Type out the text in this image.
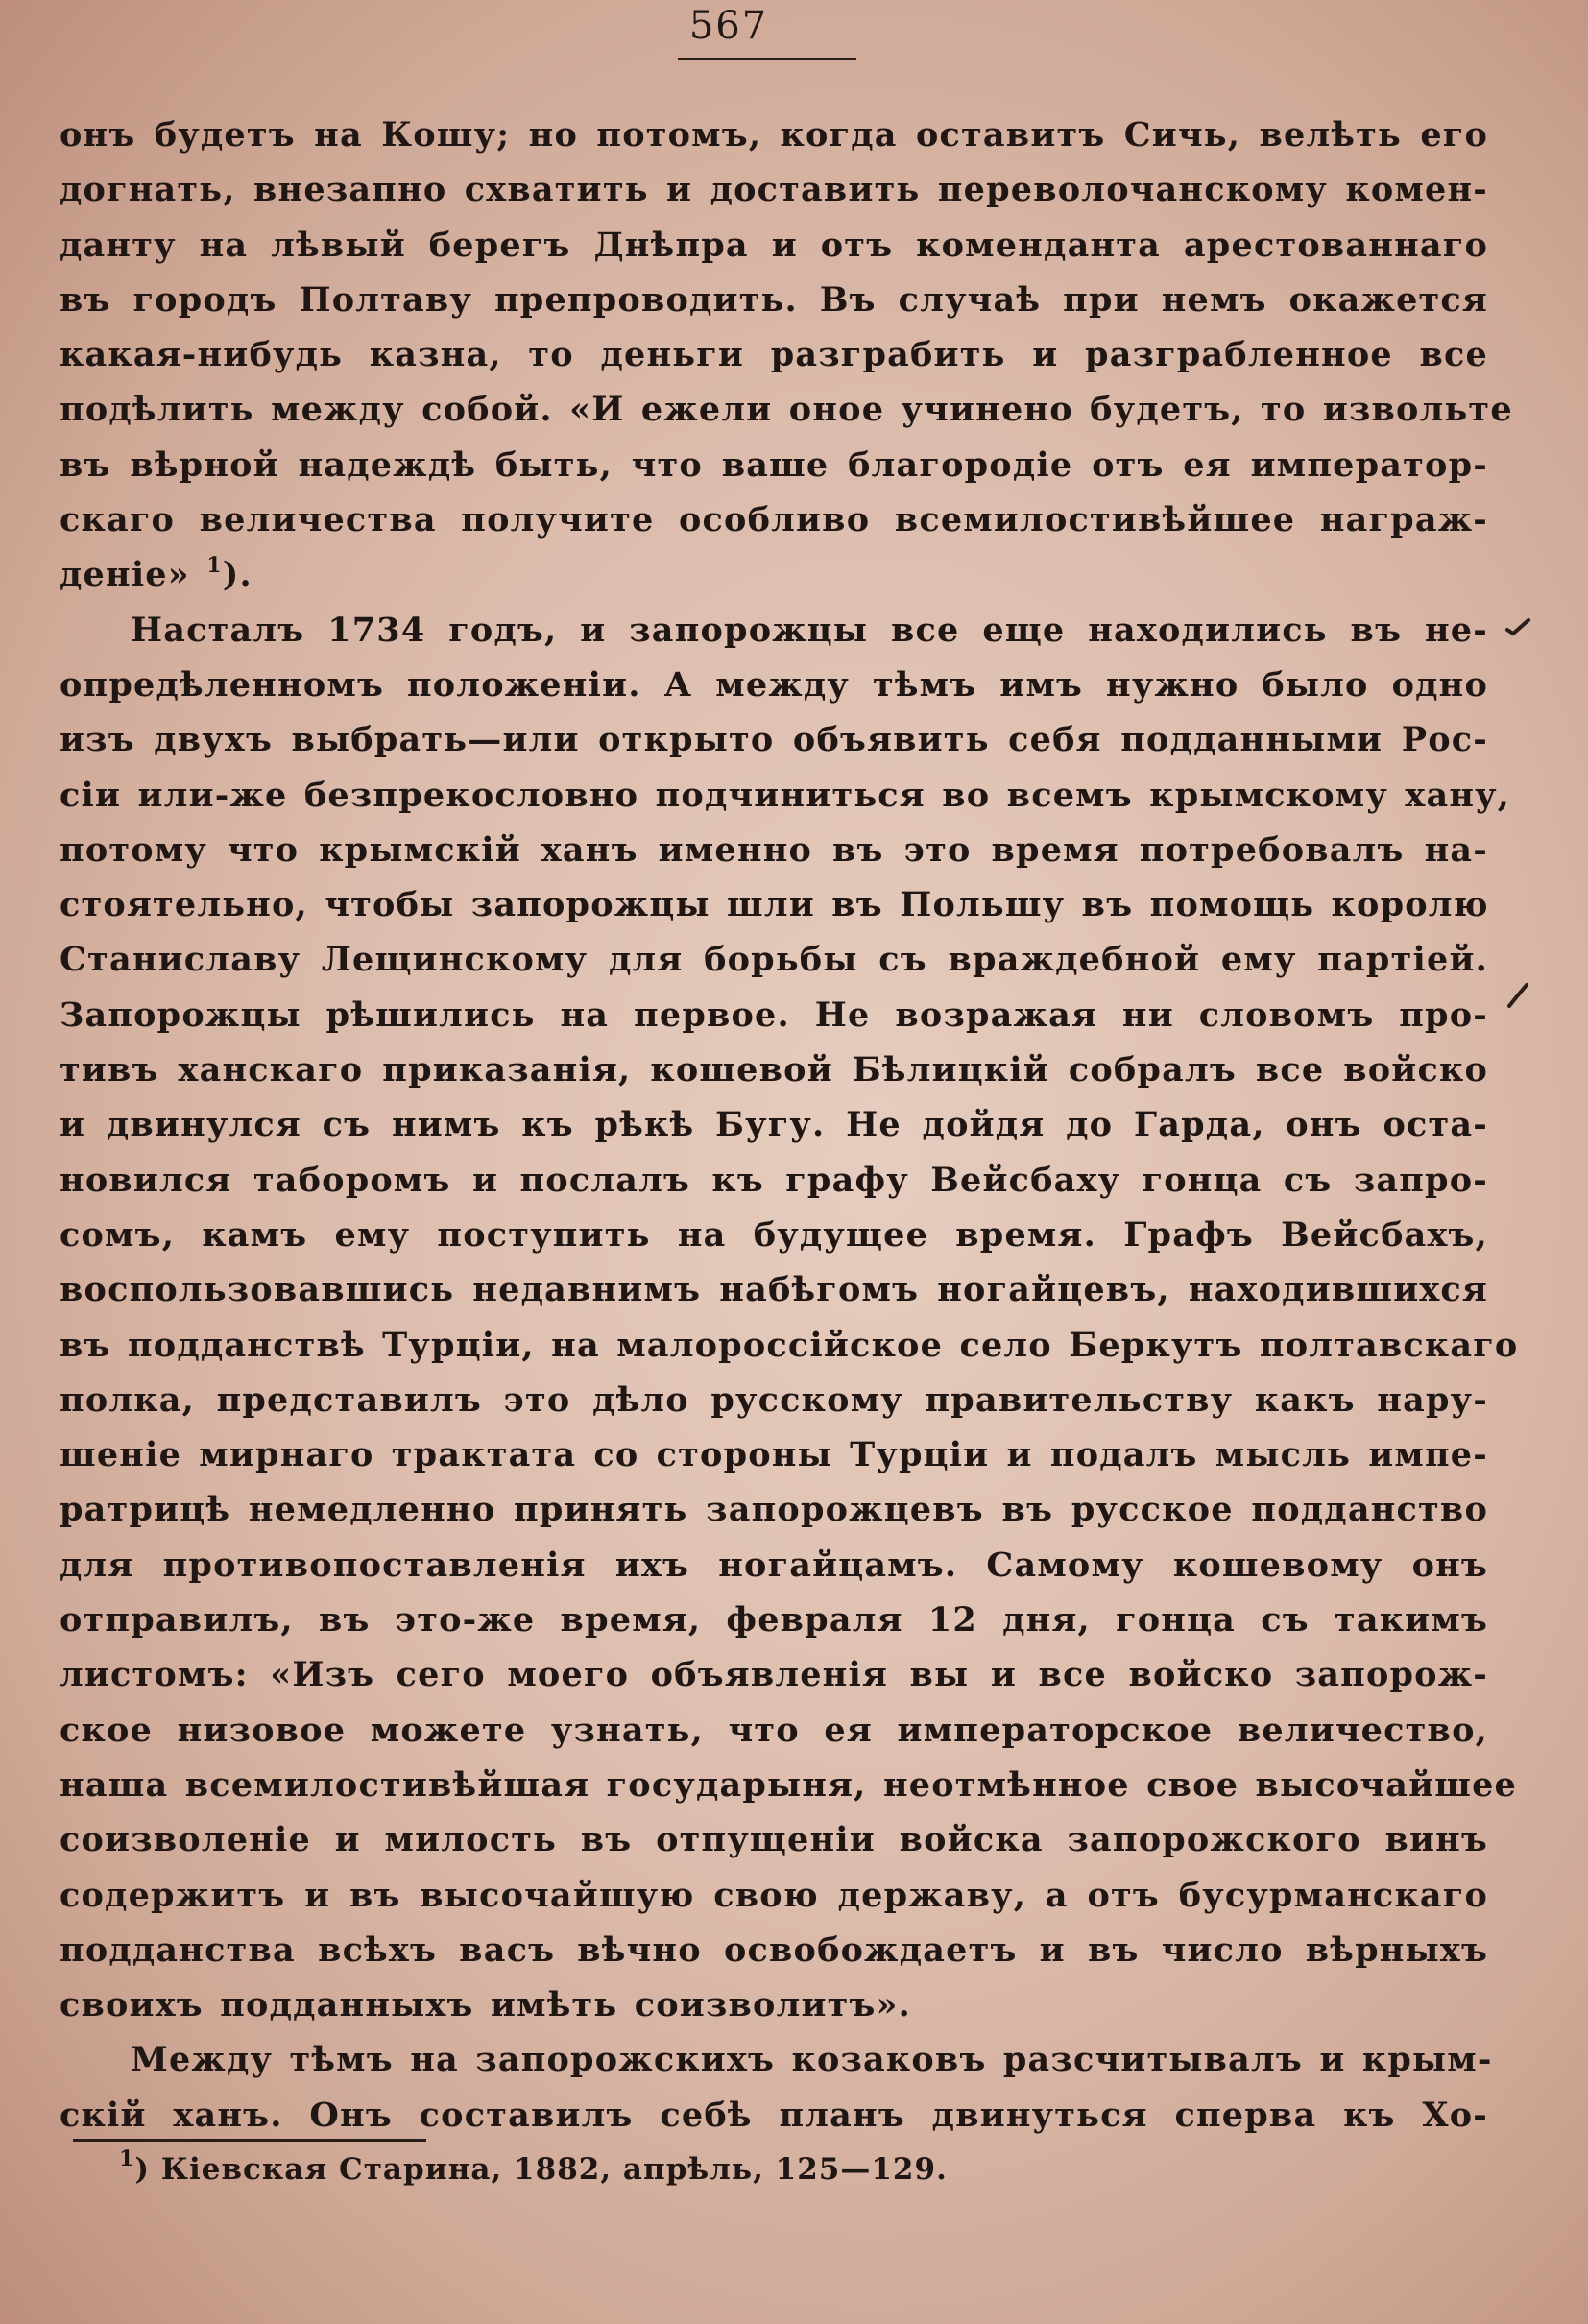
567
онъ будетъ на Кошу; но потомъ, когда оставитъ Сичь, велѣть его
догнать, внезапно схватить и доставить переволочанскому комен-
данту на лѣвый берегъ Днѣпра и отъ коменданта арестованнаго
въ городъ Полтаву препроводить. Въ случаѣ при немъ окажется
какая-нибудь казна, то деньги разграбить и разграбленное все
подѣлить между собой. «И ежели оное учинено будетъ, то извольте
въ вѣрной надеждѣ быть, что ваше благородіе отъ ея император-
скаго величества получите особливо всемилостивѣйшее награж-
деніе» $^1$).
Насталъ 1734 годъ, и запорожцы все еще находились въ не-
опредѣленномъ положеніи. А между тѣмъ имъ нужно было одно
изъ двухъ выбрать—или открыто объявить себя подданными Рос-
сіи или-же безпрекословно подчиниться во всемъ крымскому хану,
потому что крымскій ханъ именно въ это время потребовалъ на-
стоятельно, чтобы запорожцы шли въ Польшу въ помощь королю
Станиславу Лещинскому для борьбы съ враждебной ему партіей.
Запорожцы рѣшились на первое. Не возражая ни словомъ про-
тивъ ханскаго приказанія, кошевой Бѣлицкій собралъ все войско
и двинулся съ нимъ къ рѣкѣ Бугу. Не дойдя до Гарда, онъ оста-
новился таборомъ и послалъ къ графу Вейсбаху гонца съ запро-
сомъ, камъ ему поступить на будущее время. Графъ Вейсбахъ,
воспользовавшись недавнимъ набѣгомъ ногайцевъ, находившихся
въ подданствѣ Турціи, на малороссійское село Беркутъ полтавскаго
полка, представилъ это дѣло русскому правительству какъ нару-
шеніе мирнаго трактата со стороны Турціи и подалъ мысль импе-
ратрицѣ немедленно принять запорожцевъ въ русское подданство
для противопоставленія ихъ ногайцамъ. Самому кошевому онъ
отправилъ, въ это-же время, февраля 12 дня, гонца съ такимъ
листомъ: «Изъ сего моего объявленія вы и все войско запорож-
ское низовое можете узнать, что ея императорское величество,
наша всемилостивѣйшая государыня, неотмѣнное свое высочайшее
соизволеніе и милость въ отпущеніи войска запорожского винъ
содержитъ и въ высочайшую свою державу, а отъ бусурманскаго
подданства всѣхъ васъ вѣчно освобождаетъ и въ число вѣрныхъ
своихъ подданныхъ имѣть соизволитъ».
Между тѣмъ на запорожскихъ козаковъ разсчитывалъ и крым-
скій ханъ. Онъ составилъ себѣ планъ двинуться сперва къ Хо-
$^1$) Кіевская Старина, 1882, апрѣль, 125—129.
